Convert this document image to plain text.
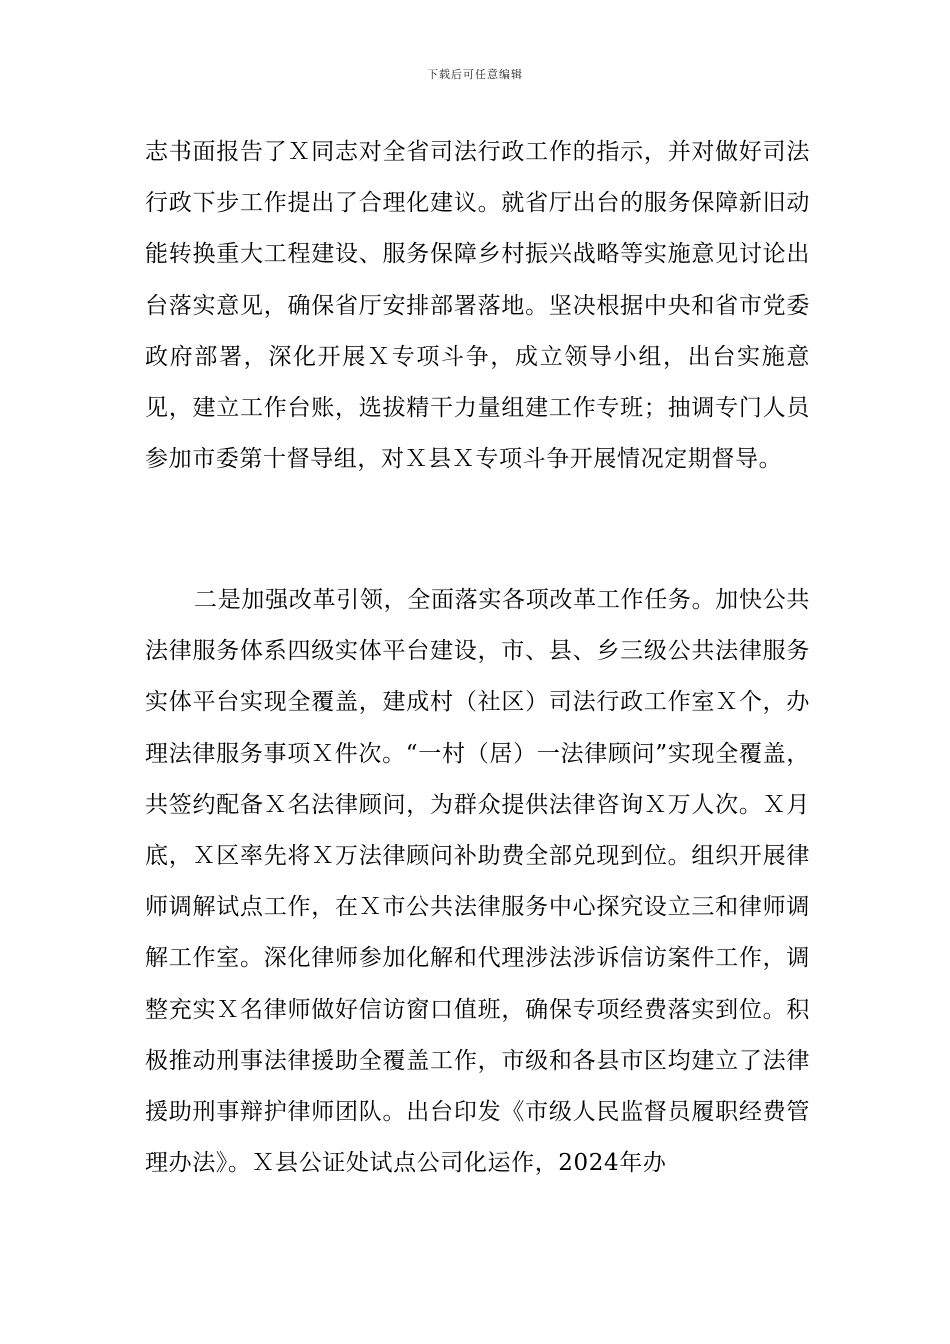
下载后可任意编辑

志书面报告了Ｘ同志对全省司法行政工作的指示，并对做好司法行政下步工作提出了合理化建议。就省厅出台的服务保障新旧动能转换重大工程建设、服务保障乡村振兴战略等实施意见讨论出台落实意见，确保省厅安排部署落地。坚决根据中央和省市党委政府部署，深化开展Ｘ专项斗争，成立领导小组，出台实施意见，建立工作台账，选拔精干力量组建工作专班；抽调专门人员参加市委第十督导组，对Ｘ县Ｘ专项斗争开展情况定期督导。

二是加强改革引领，全面落实各项改革工作任务。加快公共法律服务体系四级实体平台建设，市、县、乡三级公共法律服务实体平台实现全覆盖，建成村（社区）司法行政工作室Ｘ个，办理法律服务事项Ｘ件次。“一村（居）一法律顾问”实现全覆盖，共签约配备Ｘ名法律顾问，为群众提供法律咨询Ｘ万人次。Ｘ月底，Ｘ区率先将Ｘ万法律顾问补助费全部兑现到位。组织开展律师调解试点工作，在Ｘ市公共法律服务中心探究设立三和律师调解工作室。深化律师参加化解和代理涉法涉诉信访案件工作，调整充实Ｘ名律师做好信访窗口值班，确保专项经费落实到位。积极推动刑事法律援助全覆盖工作，市级和各县市区均建立了法律援助刑事辩护律师团队。出台印发《市级人民监督员履职经费管理办法》。Ｘ县公证处试点公司化运作，2024年办
